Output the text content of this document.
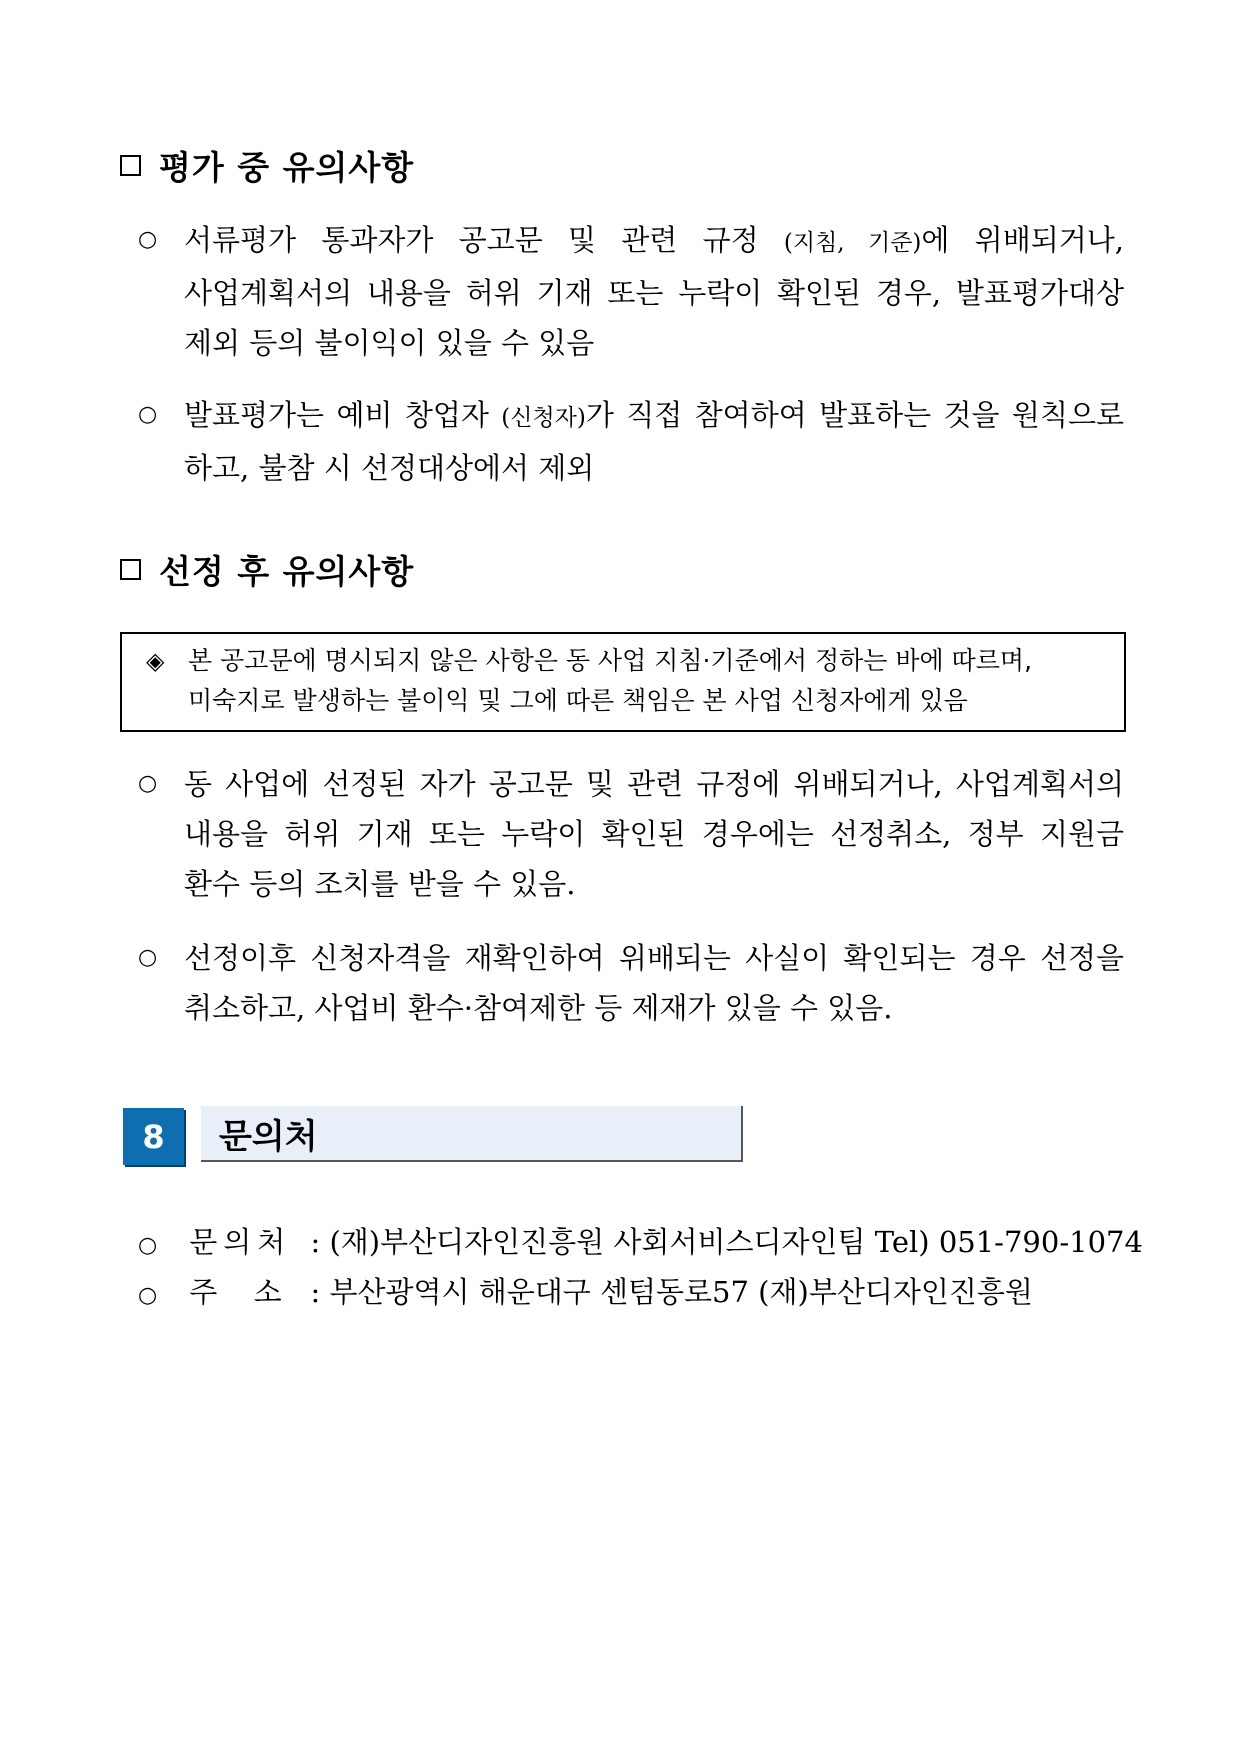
평가 중 유의사항
○ 서류평가 통과자가 공고문 및 관련 규정 (지침, 기준)에 위배되거나, 사업계획서의 내용을 허위 기재 또는 누락이 확인된 경우, 발표평가대상 제외 등의 불이익이 있을 수 있음
○ 발표평가는 예비 창업자 (신청자)가 직접 참여하여 발표하는 것을 원칙으로 하고, 불참 시 선정대상에서 제외
선정 후 유의사항
◈ 본 공고문에 명시되지 않은 사항은 동 사업 지침·기준에서 정하는 바에 따르며,
미숙지로 발생하는 불이익 및 그에 따른 책임은 본 사업 신청자에게 있음
○ 동 사업에 선정된 자가 공고문 및 관련 규정에 위배되거나, 사업계획서의 내용을 허위 기재 또는 누락이 확인된 경우에는 선정취소, 정부 지원금 환수 등의 조치를 받을 수 있음.
○ 선정이후 신청자격을 재확인하여 위배되는 사실이 확인되는 경우 선정을 취소하고, 사업비 환수·참여제한 등 제재가 있을 수 있음.
8	문의처
○ 문의처 : (재)부산디자인진흥원 사회서비스디자인팀 Tel) 051-790-1074
○ 주  소 : 부산광역시 해운대구 센텀동로57 (재)부산디자인진흥원
